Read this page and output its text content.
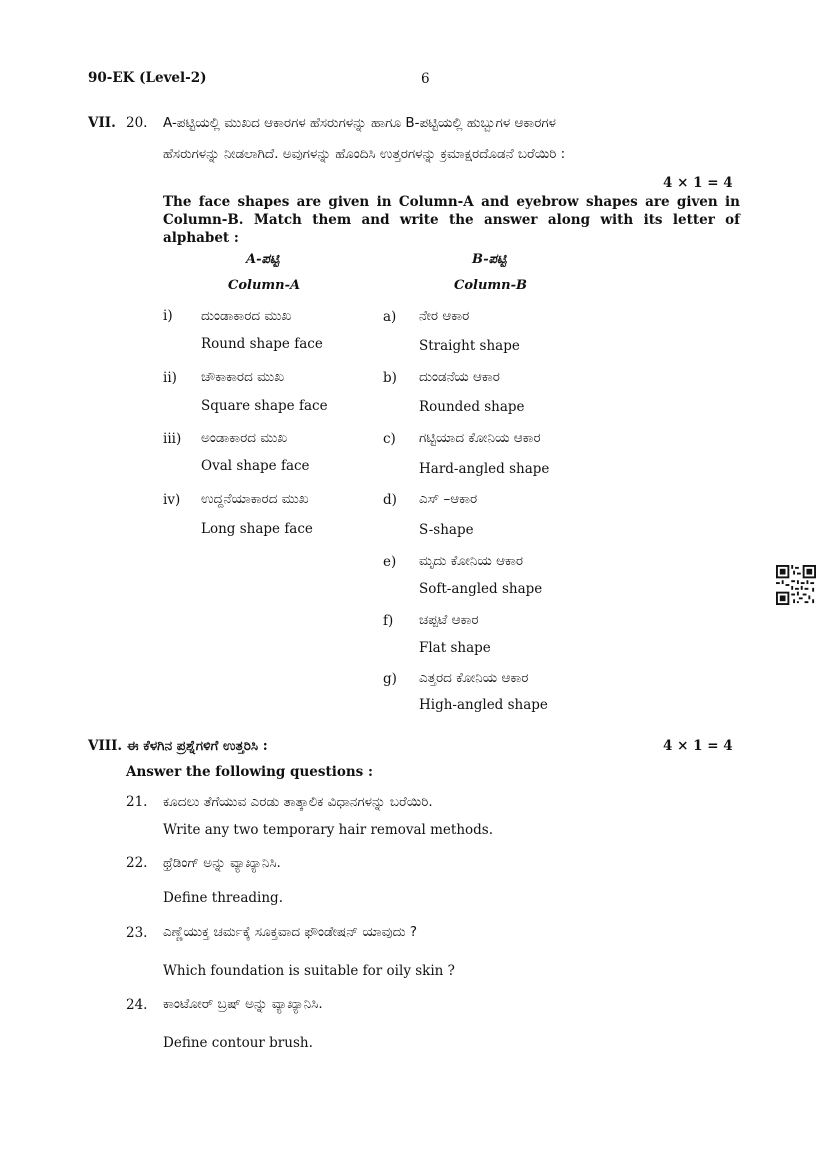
90-EK (Level-2)	6
VII. 20. A-ಪಟ್ಟಿಯಲ್ಲಿ ಮುಖದ ಆಕಾರಗಳ ಹೆಸರುಗಳನ್ನು ಹಾಗೂ B-ಪಟ್ಟಿಯಲ್ಲಿ ಹುಬ್ಬುಗಳ ಆಕಾರಗಳ
ಹೆಸರುಗಳನ್ನು ನೀಡಲಾಗಿದೆ. ಅವುಗಳನ್ನು ಹೊಂದಿಸಿ ಉತ್ತರಗಳನ್ನು ಕ್ರಮಾಕ್ಷರದೊಡನೆ ಬರೆಯಿರಿ :
4 × 1 = 4
The face shapes are given in Column-A and eyebrow shapes are given in
Column-B. Match them and write the answer along with its letter of
alphabet :
A-ಪಟ್ಟಿ
Column-A
B-ಪಟ್ಟಿ
Column-B
i) ದುಂಡಾಕಾರದ ಮುಖ
Round shape face
ii) ಚೌಕಾಕಾರದ ಮುಖ
Square shape face
iii) ಅಂಡಾಕಾರದ ಮುಖ
Oval shape face
iv) ಉದ್ದನೆಯಾಕಾರದ ಮುಖ
Long shape face
a) ನೇರ ಆಕಾರ
Straight shape
b) ದುಂಡನೆಯ ಆಕಾರ
Rounded shape
c) ಗಟ್ಟಿಯಾದ ಕೋನಿಯ ಆಕಾರ
Hard-angled shape
d) ಎಸ್ –ಆಕಾರ
S-shape
e) ಮೃದು ಕೋನಿಯ ಆಕಾರ
Soft-angled shape
f) ಚಪ್ಪಟೆ ಆಕಾರ
Flat shape
g) ಎತ್ತರದ ಕೋನಿಯ ಆಕಾರ
High-angled shape
VIII. ಈ ಕೆಳಗಿನ ಪ್ರಶ್ನೆಗಳಿಗೆ ಉತ್ತರಿಸಿ :	4 × 1 = 4
Answer the following questions :
21. ಕೂದಲು ತೆಗೆಯುವ ಎರಡು ತಾತ್ಕಾಲಿಕ ವಿಧಾನಗಳನ್ನು ಬರೆಯಿರಿ.
Write any two temporary hair removal methods.
22. ಥ್ರೆಡಿಂಗ್ ಅನ್ನು ವ್ಯಾಖ್ಯಾನಿಸಿ.
Define threading.
23. ಎಣ್ಣೆಯುಕ್ತ ಚರ್ಮಕ್ಕೆ ಸೂಕ್ತವಾದ ಫೌಂಡೇಷನ್ ಯಾವುದು ?
Which foundation is suitable for oily skin ?
24. ಕಾಂಟೋರ್ ಬ್ರಷ್ ಅನ್ನು ವ್ಯಾಖ್ಯಾನಿಸಿ.
Define contour brush.
